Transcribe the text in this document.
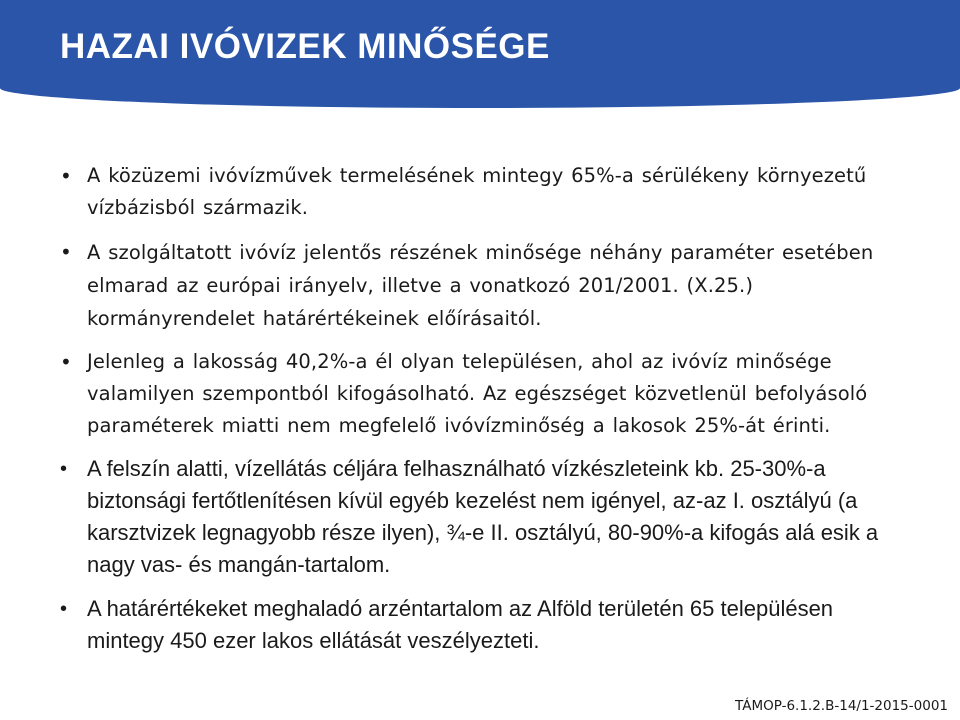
HAZAI IVÓVIZEK MINŐSÉGE
• A közüzemi ivóvízművek termelésének mintegy 65%-a sérülékeny környezetű vízbázisból származik.
• A szolgáltatott ivóvíz jelentős részének minősége néhány paraméter esetében elmarad az európai irányelv, illetve a vonatkozó 201/2001. (X.25.) kormányrendelet határértékeinek előírásaitól.
• Jelenleg a lakosság 40,2%-a él olyan településen, ahol az ivóvíz minősége valamilyen szempontból kifogásolható. Az egészséget közvetlenül befolyásoló paraméterek miatti nem megfelelő ivóvízminőség a lakosok 25%-át érinti.
• A felszín alatti, vízellátás céljára felhasználható vízkészleteink kb. 25-30%-a biztonsági fertőtlenítésen kívül egyéb kezelést nem igényel, az-az I. osztályú (a karsztvizek legnagyobb része ilyen), ¾-e II. osztályú, 80-90%-a kifogás alá esik a nagy vas- és mangán-tartalom.
• A határértékeket meghaladó arzéntartalom az Alföld területén 65 településen mintegy 450 ezer lakos ellátását veszélyezteti.
TÁMOP-6.1.2.B-14/1-2015-0001
